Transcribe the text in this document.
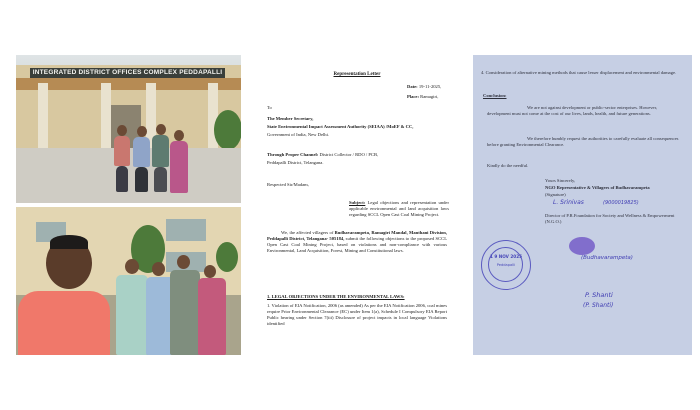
INTEGRATED DISTRICT OFFICES COMPLEX PEDDAPALLI	Representation Letter
Date: 19-11-2025,
Place: Ramagiri,
To
The Member Secretary,
State Environmental Impact Assessment Authority (SEIAA) /MoEF & CC,
Government of India, New Delhi.
Through Proper Channel: District Collector / RDO / PCB,
Peddapalli District, Telangana.
Respected Sir/Madam,
Subject: Legal objections and representation under applicable environmental and land acquisition laws regarding SCCL Open Cast Coal Mining Project.
We, the affected villagers of Budhavarampeta, Ramagiri Mandal, Manthani Division, Peddapalli District, Telangana- 505184, submit the following objections to the proposed SCCL Open Cast Coal Mining Project, based on violations and non-compliance with various Environmental, Land Acquisition, Forest, Mining and Constitutional laws.
1. LEGAL OBJECTIONS UNDER THE ENVIRONMENTAL LAWS:
1. Violation of EIA Notification, 2006 (as amended) As per the EIA Notification 2006, coal mines require Prior Environmental Clearance (EC) under Item 1(a), Schedule I Compulsory EIA Report Public hearing under Section 7(iii) Disclosure of project impacts in local language Violations identified
4. Consideration of alternative mining methods that cause lesser displacement and environmental damage.
Conclusion:
We are not against development or public-sector enterprises. However, development must not come at the cost of our lives, lands, health, and future generations.
We therefore humbly request the authorities to carefully evaluate all consequences before granting Environmental Clearance.
Kindly do the needful.
Yours Sincerely,
NGO Representative & Villagers of Budhavarampeta
(Signature)
L. Srinivas	(9000019825)
Director of P.R.Foundation for Society and Wellness & Empowerment (N.G.O.)
1 9 NOV 2025
Peddapalli
(Budhavarampeta)
P. Shanti
(P. Shanti)
